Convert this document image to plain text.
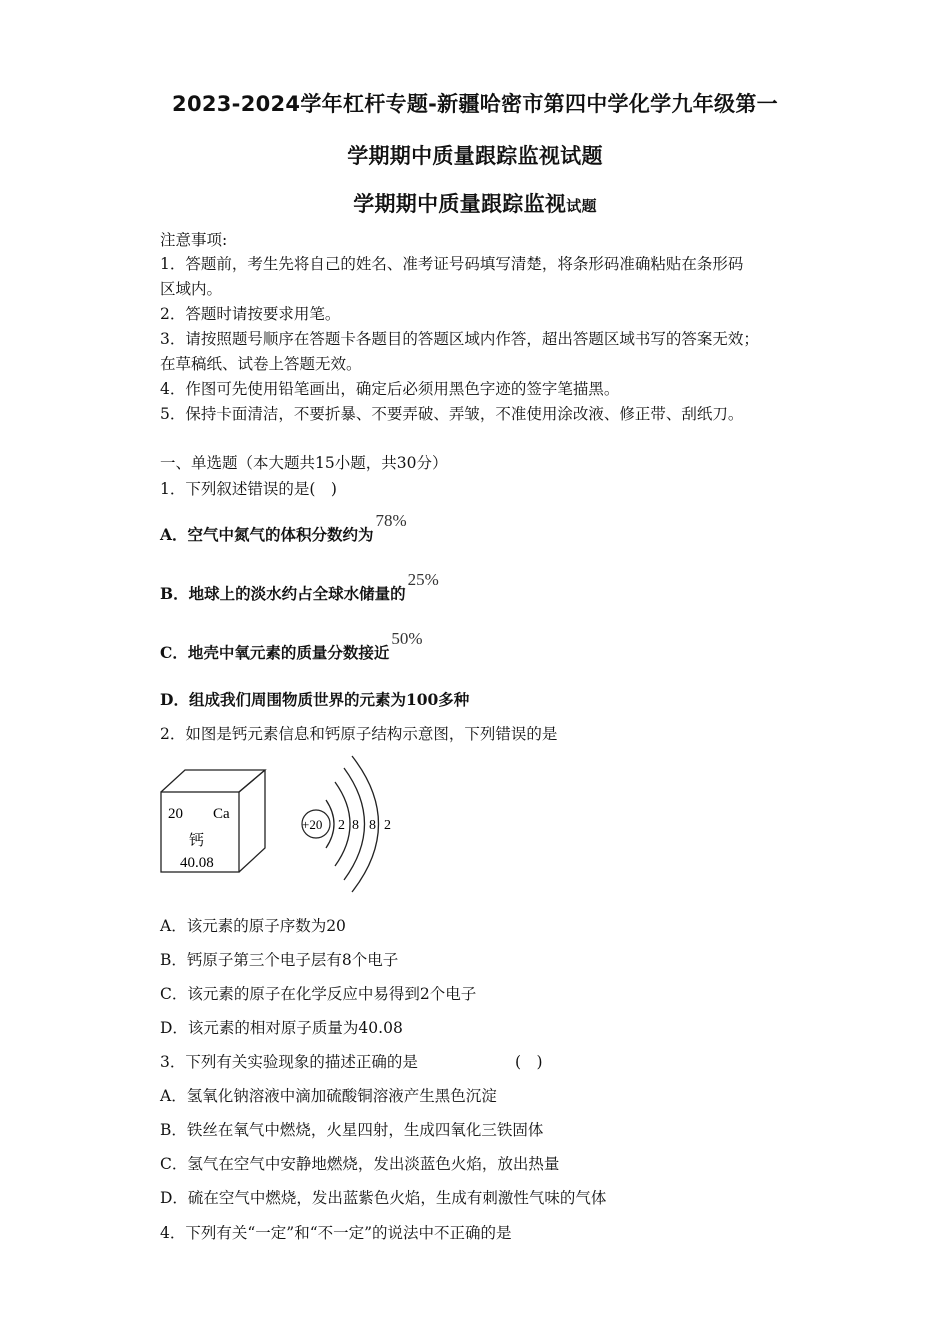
2023-2024学年杠杆专题-新疆哈密市第四中学化学九年级第一
学期期中质量跟踪监视试题
学期期中质量跟踪监视试题
注意事项:
1．答题前，考生先将自己的姓名、准考证号码填写清楚，将条形码准确粘贴在条形码
区域内。
2．答题时请按要求用笔。
3．请按照题号顺序在答题卡各题目的答题区域内作答，超出答题区域书写的答案无效；
在草稿纸、试卷上答题无效。
4．作图可先使用铅笔画出，确定后必须用黑色字迹的签字笔描黑。
5．保持卡面清洁，不要折暴、不要弄破、弄皱，不准使用涂改液、修正带、刮纸刀。
一、单选题（本大题共15小题，共30分）
1．下列叙述错误的是(　)
A．空气中氮气的体积分数约为78%
B．地球上的淡水约占全球水储量的25%
C．地壳中氧元素的质量分数接近50%
D．组成我们周围物质世界的元素为100多种
2．如图是钙元素信息和钙原子结构示意图，下列错误的是
20 Ca
钙
40.08
+20 2 8 8 2
A．该元素的原子序数为20
B．钙原子第三个电子层有8个电子
C．该元素的原子在化学反应中易得到2个电子
D．该元素的相对原子质量为40.08
3．下列有关实验现象的描述正确的是	(　)
A．氢氧化钠溶液中滴加硫酸铜溶液产生黑色沉淀
B．铁丝在氧气中燃烧，火星四射，生成四氧化三铁固体
C．氢气在空气中安静地燃烧，发出淡蓝色火焰，放出热量
D．硫在空气中燃烧，发出蓝紫色火焰，生成有刺激性气味的气体
4．下列有关“一定”和“不一定”的说法中不正确的是
